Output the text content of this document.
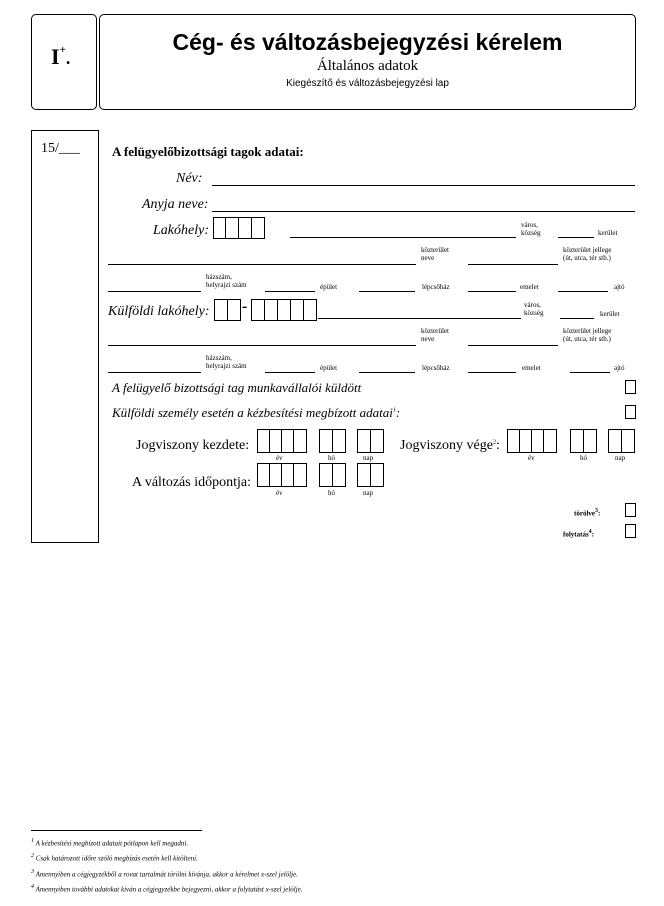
I+.
Cég- és változásbejegyzési kérelem
Általános adatok
Kiegészítő és változásbejegyzési lap
15/___ A felügyelőbizottsági tagok adatai:
Név:
Anyja neve:
Lakóhely:	város,
község	kerület
közterület
neve
közterület jellege
(út, utca, tér stb.)
házszám,
helyrajzi szám	épület	lépcsőház	emelet	ajtó
Külföldi lakóhely: -	város,
község	kerület
közterület
neve
közterület jellege
(út, utca, tér stb.)
házszám,
helyrajzi szám	épület	lépcsőház	emelet	ajtó
A felügyelő bizottsági tag munkavállalói küldött
Külföldi személy esetén a kézbesítési megbízott adatai$^1$:
Jogviszony kezdete:
év	hó	nap
Jogviszony vége$^2$:
év	hó	nap
A változás időpontja:
év	hó	nap
törölve$^3$:
folytatás$^4$:
$^1$ A kézbesítési megbízott adatait pótlapon kell megadni.
$^2$ Csak határozott időre szóló megbízás esetén kell kitölteni.
$^3$ Amennyiben a cégjegyzékből a rovat tartalmát törölni kívánja, akkor a kérelmet x-szel jelölje.
$^4$ Amennyiben további adatokat kíván a cégjegyzékbe bejegyezni, akkor a folytatást x-szel jelölje.
